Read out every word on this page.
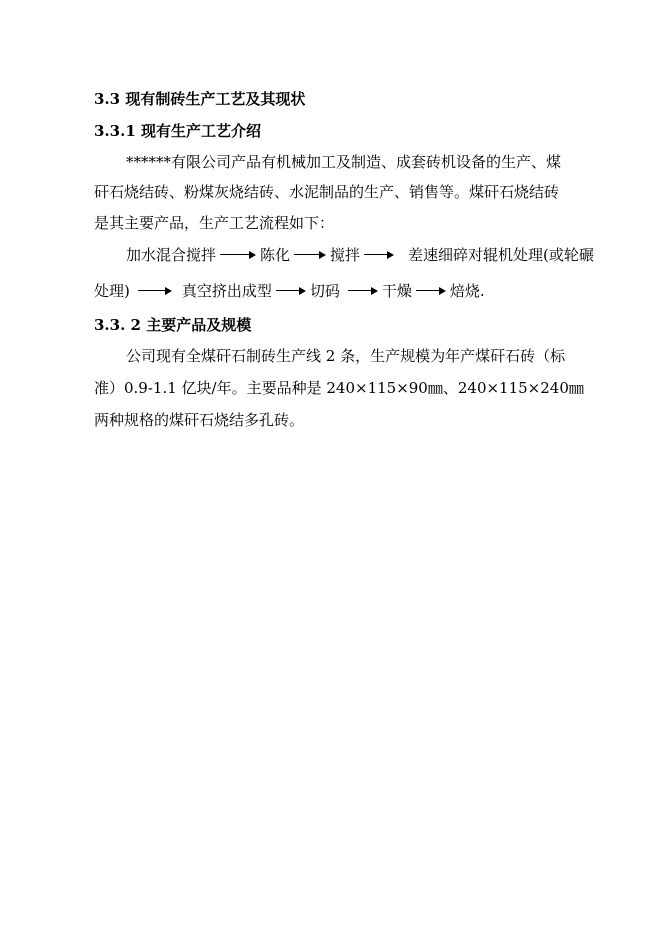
3.3 现有制砖生产工艺及其现状
3.3.1 现有生产工艺介绍
******有限公司产品有机械加工及制造、成套砖机设备的生产、煤
矸石烧结砖、粉煤灰烧结砖、水泥制品的生产、销售等。煤矸石烧结砖
是其主要产品，生产工艺流程如下：
加水混合搅拌	陈化	搅拌	差速细碎对辊机处理(或轮碾
处理)	真空挤出成型	切码	干燥	焙烧.
3.3. 2 主要产品及规模
公司现有全煤矸石制砖生产线 2 条，生产规模为年产煤矸石砖（标
准）0.9-1.1 亿块/年。主要品种是 240×115×90㎜、240×115×240㎜
两种规格的煤矸石烧结多孔砖。
